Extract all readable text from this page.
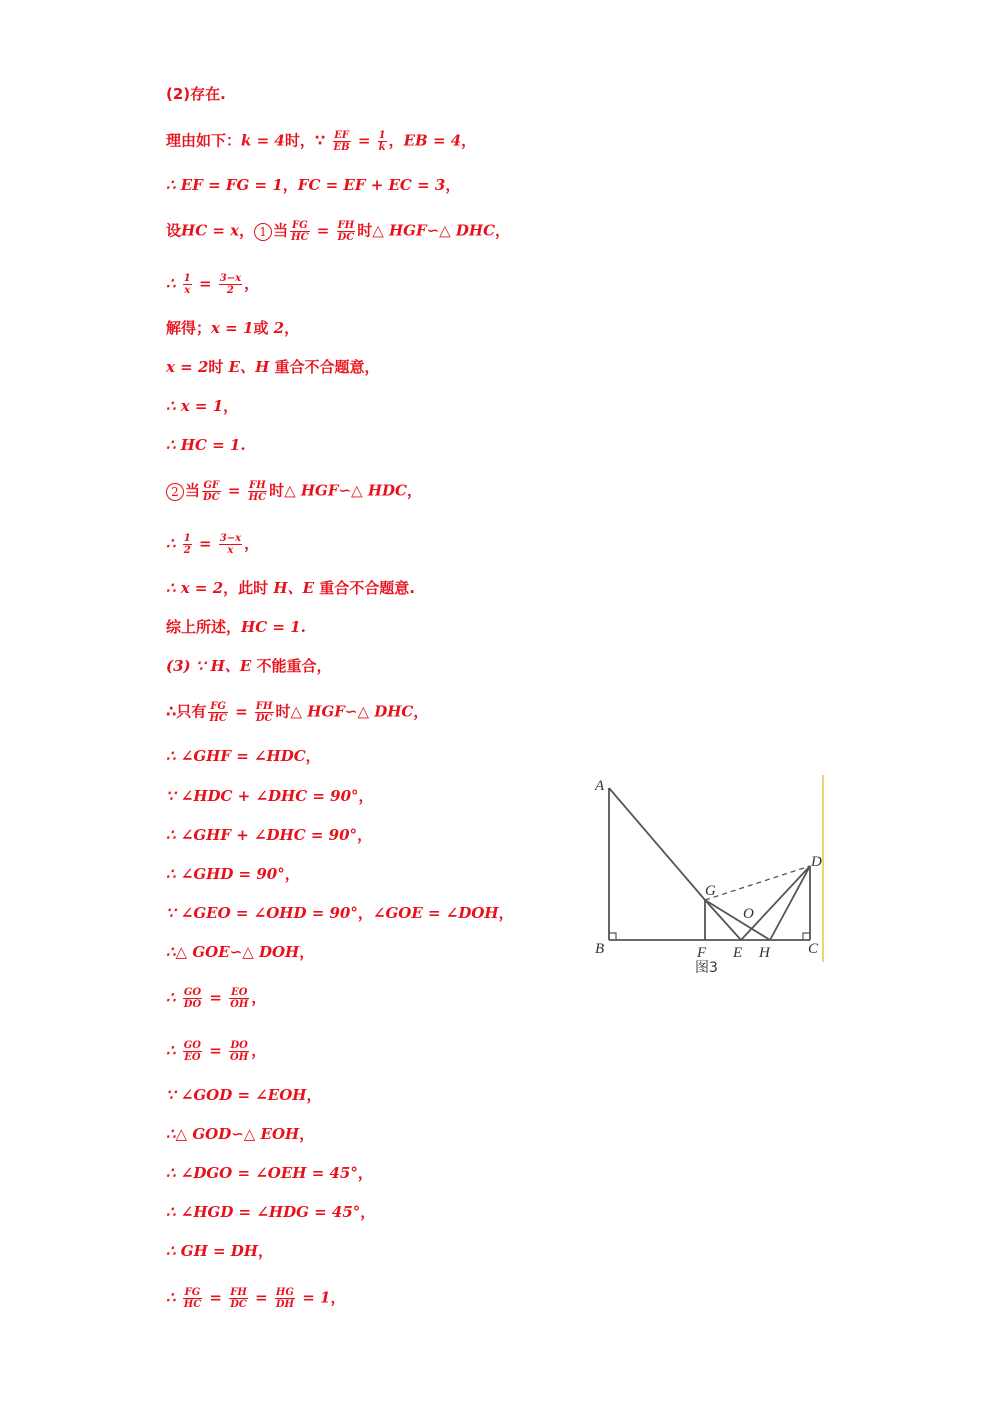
(2)存在.
理由如下：k = 4时，∵ $\frac{EF}{EB} = \frac{1}{k}$ ，EB = 4，
∴ EF = FG = 1，FC = EF + EC = 3，
设HC = x， 1 当 $\frac{FG}{HC} = \frac{FH}{DC}$ 时△ HGF∽△ DHC，
∴ $\frac{1}{x} = \frac{3-x}{2}$ ，
解得；x = 1或 2，
x = 2时 E、H 重合不合题意，
∴ x = 1，
∴ HC = 1.
2 当 $\frac{GF}{DC} = \frac{FH}{HC}$ 时△ HGF∽△ HDC，
∴ $\frac{1}{2} = \frac{3-x}{x}$ ，
∴ x = 2，此时 H、E 重合不合题意.
综上所述，HC = 1.
(3) ∵ H、E 不能重合，
∴只有 $\frac{FG}{HC} = \frac{FH}{DC}$ 时△ HGF∽△ DHC，
∴ ∠GHF = ∠HDC，
∵ ∠HDC + ∠DHC = 90°，
∴ ∠GHF + ∠DHC = 90°，
∴ ∠GHD = 90°，
∵ ∠GEO = ∠OHD = 90°，∠GOE = ∠DOH，
∴△ GOE∽△ DOH，
∴ $\frac{GO}{DO} = \frac{EO}{OH}$ ，
∴ $\frac{GO}{EO} = \frac{DO}{OH}$ ，
∵ ∠GOD = ∠EOH，
∴△ GOD∽△ EOH，
∴ ∠DGO = ∠OEH = 45°，
∴ ∠HGD = ∠HDG = 45°，
∴ GH = DH，
∴ $\frac{FG}{HC} = \frac{FH}{DC} = \frac{HG}{DH} = 1$，
A
B	F E H	C
G
D
O
图3
